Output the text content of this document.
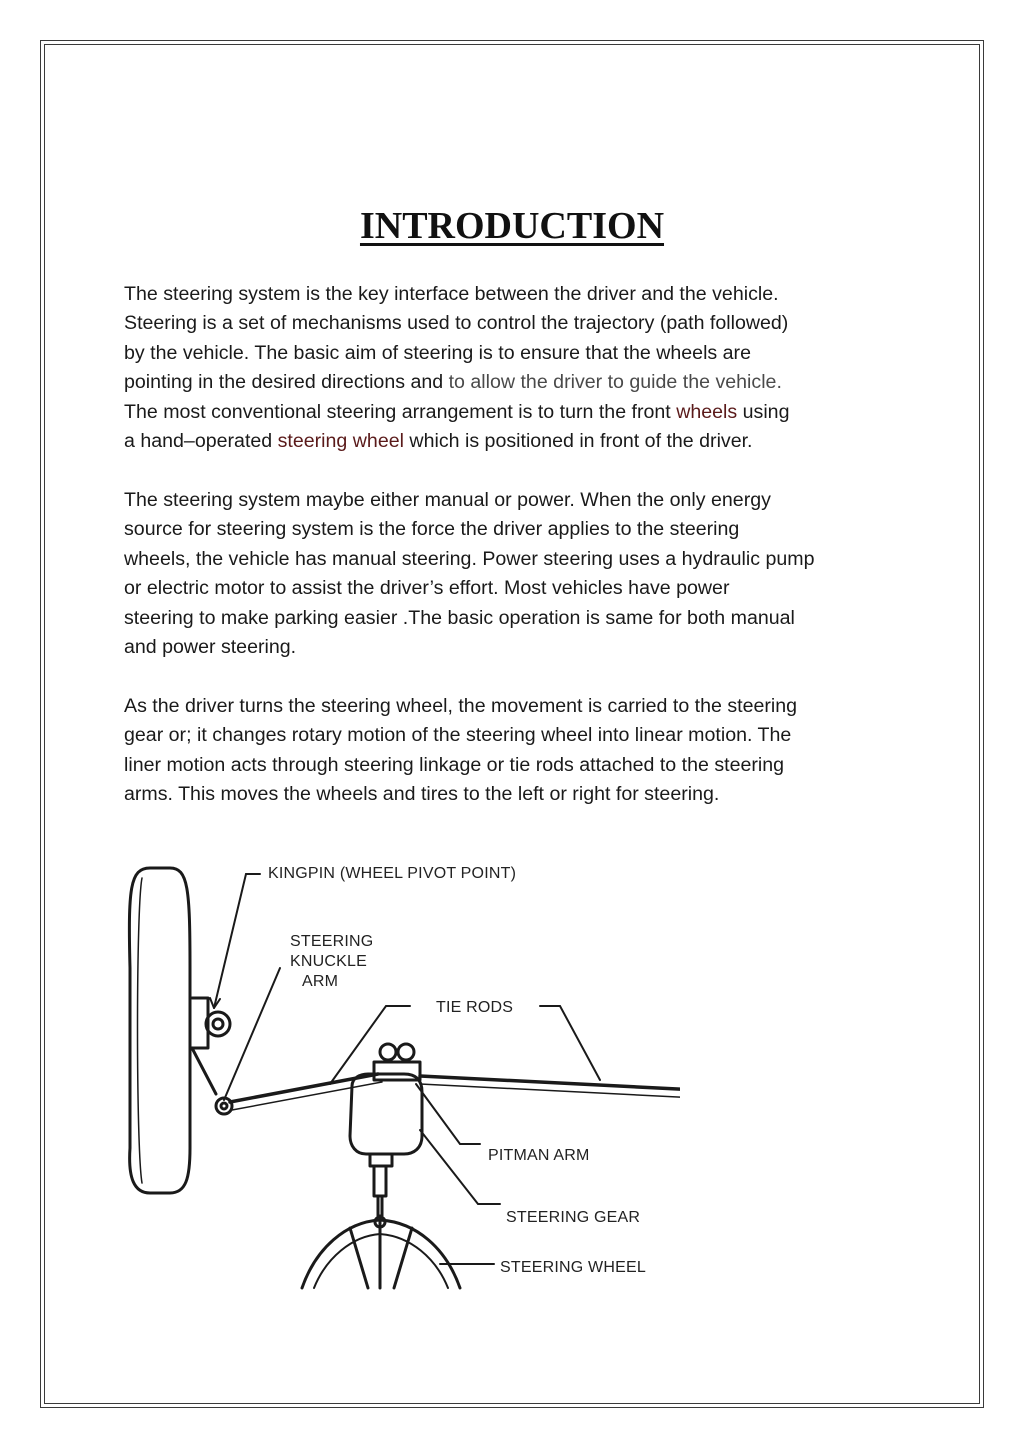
INTRODUCTION

The steering system is the key interface between the driver and the vehicle.
Steering is a set of mechanisms used to control the trajectory (path followed)
by the vehicle. The basic aim of steering is to ensure that the wheels are
pointing in the desired directions and to allow the driver to guide the vehicle.
The most conventional steering arrangement is to turn the front wheels using
a hand–operated steering wheel which is positioned in front of the driver.

The steering system maybe either manual or power. When the only energy
source for steering system is the force the driver applies to the steering
wheels, the vehicle has manual steering. Power steering uses a hydraulic pump
or electric motor to assist the driver’s effort. Most vehicles have power
steering to make parking easier .The basic operation is same for both manual
and power steering.

As the driver turns the steering wheel, the movement is carried to the steering
gear or; it changes rotary motion of the steering wheel into linear motion. The
liner motion acts through steering linkage or tie rods attached to the steering
arms. This moves the wheels and tires to the left or right for steering.

KINGPIN (WHEEL PIVOT POINT)
STEERING
KNUCKLE
ARM
TIE RODS
PITMAN ARM
STEERING GEAR
STEERING WHEEL
